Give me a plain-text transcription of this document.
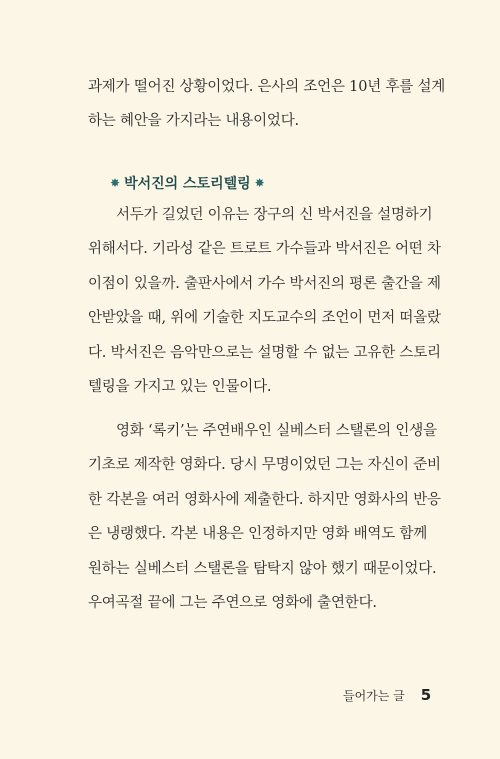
과제가 떨어진 상황이었다. 은사의 조언은 10년 후를 설계
하는 혜안을 가지라는 내용이었다.
✸ 박서진의 스토리텔링 ✸
서두가 길었던 이유는 장구의 신 박서진을 설명하기
위해서다. 기라성 같은 트로트 가수들과 박서진은 어떤 차
이점이 있을까. 출판사에서 가수 박서진의 평론 출간을 제
안받았을 때, 위에 기술한 지도교수의 조언이 먼저 떠올랐
다. 박서진은 음악만으로는 설명할 수 없는 고유한 스토리
텔링을 가지고 있는 인물이다.
영화 ‘록키’는 주연배우인 실베스터 스탤론의 인생을
기초로 제작한 영화다. 당시 무명이었던 그는 자신이 준비
한 각본을 여러 영화사에 제출한다. 하지만 영화사의 반응
은 냉랭했다. 각본 내용은 인정하지만 영화 배역도 함께
원하는 실베스터 스탤론을 탐탁지 않아 했기 때문이었다.
우여곡절 끝에 그는 주연으로 영화에 출연한다.
들어가는 글 5
